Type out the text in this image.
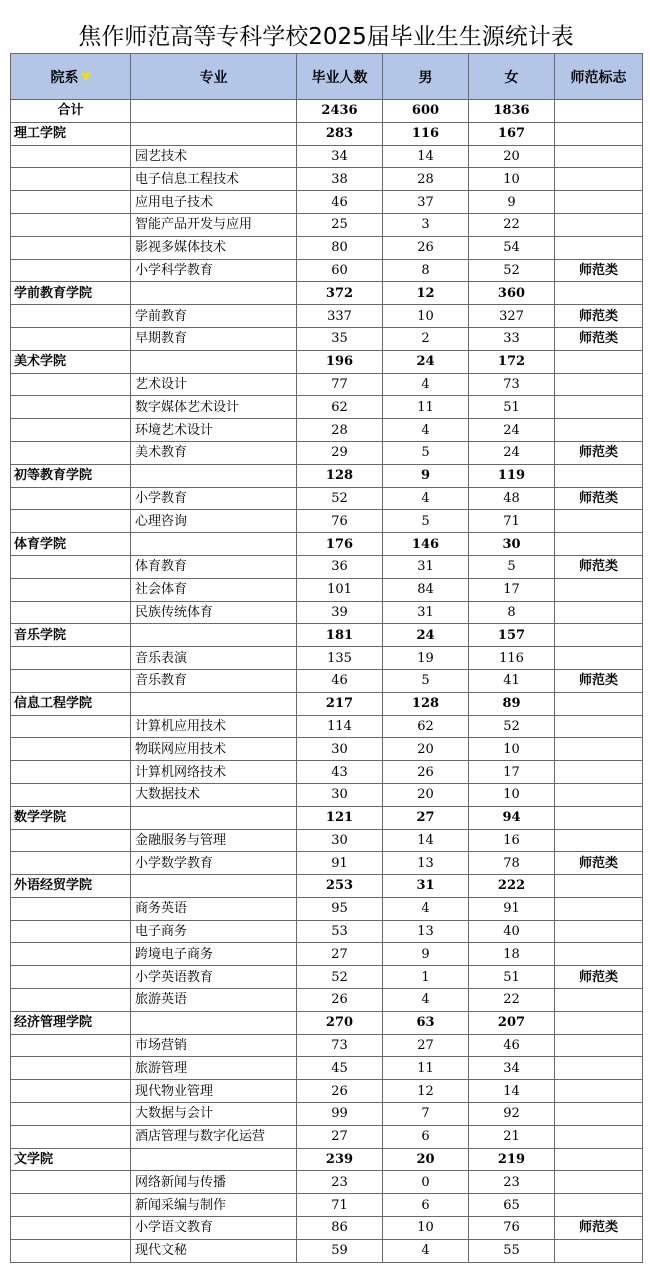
焦作师范高等专科学校2025届毕业生生源统计表
院系	专业	毕业人数	男	女	师范标志
合计		2436	600	1836	
理工学院		283	116	167	
	园艺技术	34	14	20	
	电子信息工程技术	38	28	10	
	应用电子技术	46	37	9	
	智能产品开发与应用	25	3	22	
	影视多媒体技术	80	26	54	
	小学科学教育	60	8	52	师范类
学前教育学院		372	12	360	
	学前教育	337	10	327	师范类
	早期教育	35	2	33	师范类
美术学院		196	24	172	
	艺术设计	77	4	73	
	数字媒体艺术设计	62	11	51	
	环境艺术设计	28	4	24	
	美术教育	29	5	24	师范类
初等教育学院		128	9	119	
	小学教育	52	4	48	师范类
	心理咨询	76	5	71	
体育学院		176	146	30	
	体育教育	36	31	5	师范类
	社会体育	101	84	17	
	民族传统体育	39	31	8	
音乐学院		181	24	157	
	音乐表演	135	19	116	
	音乐教育	46	5	41	师范类
信息工程学院		217	128	89	
	计算机应用技术	114	62	52	
	物联网应用技术	30	20	10	
	计算机网络技术	43	26	17	
	大数据技术	30	20	10	
数学学院		121	27	94	
	金融服务与管理	30	14	16	
	小学数学教育	91	13	78	师范类
外语经贸学院		253	31	222	
	商务英语	95	4	91	
	电子商务	53	13	40	
	跨境电子商务	27	9	18	
	小学英语教育	52	1	51	师范类
	旅游英语	26	4	22	
经济管理学院		270	63	207	
	市场营销	73	27	46	
	旅游管理	45	11	34	
	现代物业管理	26	12	14	
	大数据与会计	99	7	92	
	酒店管理与数字化运营	27	6	21	
文学院		239	20	219	
	网络新闻与传播	23	0	23	
	新闻采编与制作	71	6	65	
	小学语文教育	86	10	76	师范类
	现代文秘	59	4	55	
